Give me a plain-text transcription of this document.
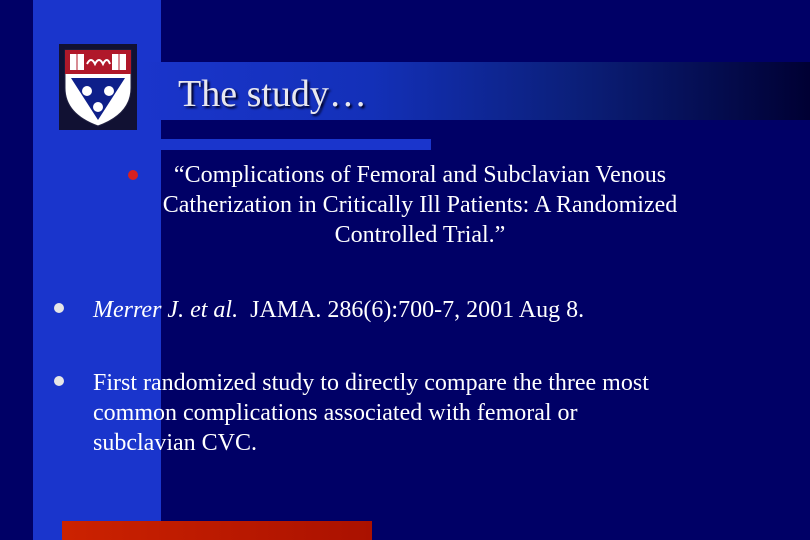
The study…
“Complications of Femoral and Subclavian Venous
Catherization in Critically Ill Patients: A Randomized
Controlled Trial.”
Merrer J. et al.  JAMA. 286(6):700-7, 2001 Aug 8.
First randomized study to directly compare the three most
common complications associated with femoral or
subclavian CVC.
